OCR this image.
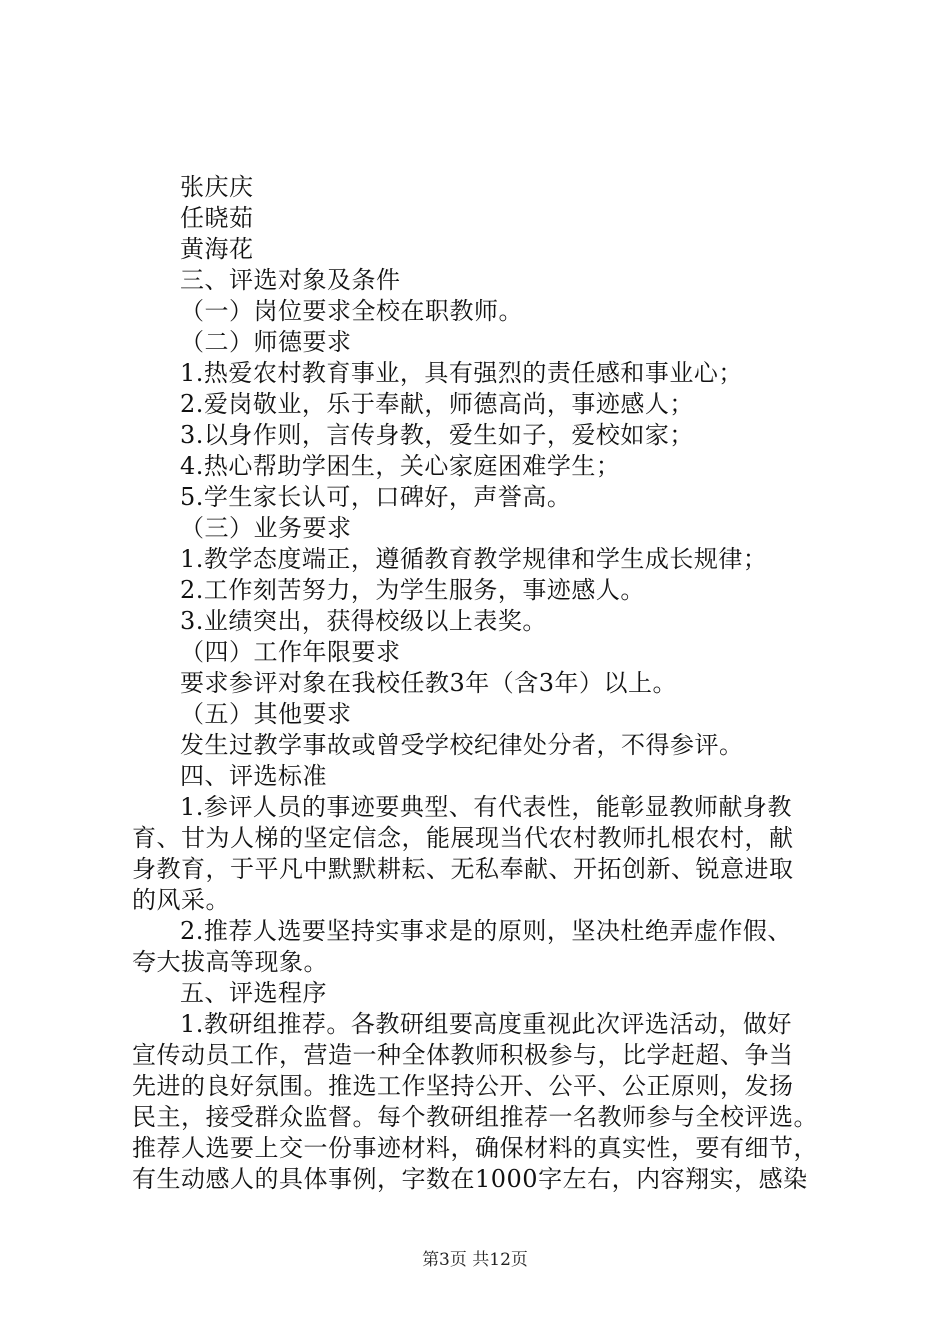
张庆庆
任晓茹
黄海花
三、评选对象及条件
（一）岗位要求全校在职教师。
（二）师德要求
1.热爱农村教育事业，具有强烈的责任感和事业心；
2.爱岗敬业，乐于奉献，师德高尚，事迹感人；
3.以身作则，言传身教，爱生如子，爱校如家；
4.热心帮助学困生，关心家庭困难学生；
5.学生家长认可，口碑好，声誉高。
（三）业务要求
1.教学态度端正，遵循教育教学规律和学生成长规律；
2.工作刻苦努力，为学生服务，事迹感人。
3.业绩突出，获得校级以上表奖。
（四）工作年限要求
要求参评对象在我校任教3年（含3年）以上。
（五）其他要求
发生过教学事故或曾受学校纪律处分者，不得参评。
四、评选标准
1.参评人员的事迹要典型、有代表性，能彰显教师献身教
育、甘为人梯的坚定信念，能展现当代农村教师扎根农村，献
身教育，于平凡中默默耕耘、无私奉献、开拓创新、锐意进取
的风采。
2.推荐人选要坚持实事求是的原则，坚决杜绝弄虚作假、
夸大拔高等现象。
五、评选程序
1.教研组推荐。各教研组要高度重视此次评选活动，做好
宣传动员工作，营造一种全体教师积极参与，比学赶超、争当
先进的良好氛围。推选工作坚持公开、公平、公正原则，发扬
民主，接受群众监督。每个教研组推荐一名教师参与全校评选。
推荐人选要上交一份事迹材料，确保材料的真实性，要有细节，
有生动感人的具体事例，字数在1000字左右，内容翔实，感染
第3页 共12页
